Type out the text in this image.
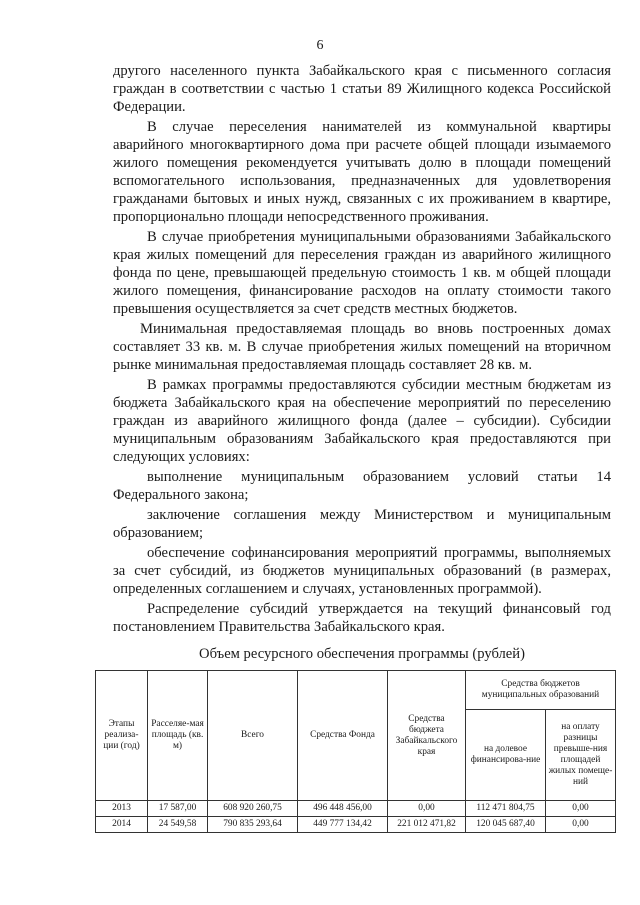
6

другого населенного пункта Забайкальского края с письменного согласия граждан в соответствии с частью 1 статьи 89 Жилищного кодекса Российской Федерации.

В случае переселения нанимателей из коммунальной квартиры аварийного многоквартирного дома при расчете общей площади изымаемого жилого помещения рекомендуется учитывать долю в площади помещений вспомогательного использования, предназначенных для удовлетворения гражданами бытовых и иных нужд, связанных с их проживанием в квартире, пропорционально площади непосредственного проживания.

В случае приобретения муниципальными образованиями Забайкальского края жилых помещений для переселения граждан из аварийного жилищного фонда по цене, превышающей предельную стоимость 1 кв. м общей площади жилого помещения, финансирование расходов на оплату стоимости такого превышения осуществляется за счет средств местных бюджетов.

Минимальная предоставляемая площадь во вновь построенных домах составляет 33 кв. м. В случае приобретения жилых помещений на вторичном рынке минимальная предоставляемая площадь составляет 28 кв. м.

В рамках программы предоставляются субсидии местным бюджетам из бюджета Забайкальского края на обеспечение мероприятий по переселению граждан из аварийного жилищного фонда (далее – субсидии). Субсидии муниципальным образованиям Забайкальского края предоставляются при следующих условиях:

выполнение муниципальным образованием условий статьи 14 Федерального закона;

заключение соглашения между Министерством и муниципальным образованием;

обеспечение софинансирования мероприятий программы, выполняемых за счет субсидий, из бюджетов муниципальных образований (в размерах, определенных соглашением и случаях, установленных программой).

Распределение субсидий утверждается на текущий финансовый год постановлением Правительства Забайкальского края.

Объем ресурсного обеспечения программы (рублей)

Этапы реализа-ции (год)	Расселяе-мая площадь (кв. м)	Всего	Средства Фонда	Средства бюджета Забайкальского края	Средства бюджетов муниципальных образований	
					на долевое финансирова-ние	на оплату разницы превыше-ния площадей жилых помеще-ний
2013	17 587,00	608 920 260,75	496 448 456,00	0,00	112 471 804,75	0,00
2014	24 549,58	790 835 293,64	449 777 134,42	221 012 471,82	120 045 687,40	0,00
